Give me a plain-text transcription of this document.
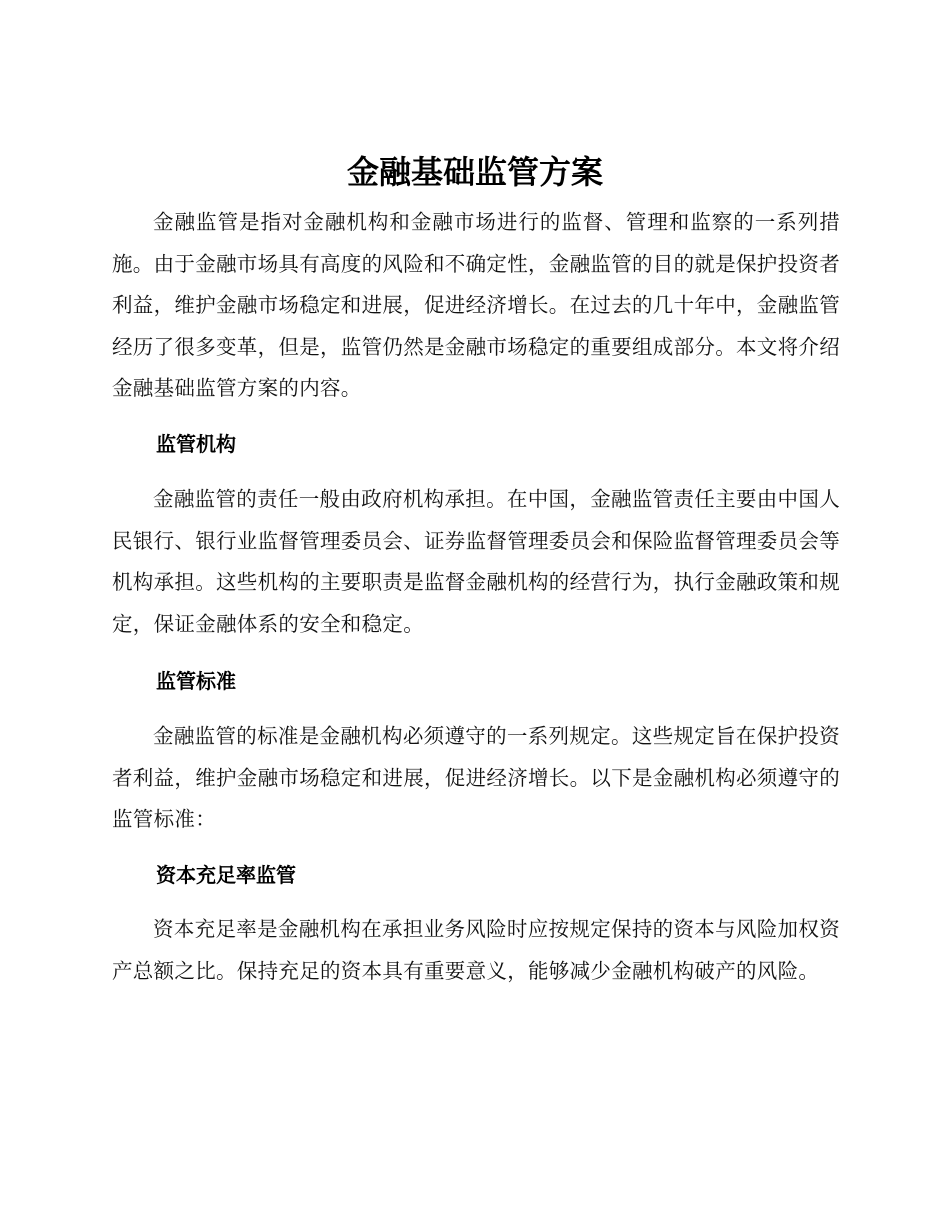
金融基础监管方案

金融监管是指对金融机构和金融市场进行的监督、管理和监察的一系列措施。由于金融市场具有高度的风险和不确定性，金融监管的目的就是保护投资者利益，维护金融市场稳定和进展，促进经济增长。在过去的几十年中，金融监管经历了很多变革，但是，监管仍然是金融市场稳定的重要组成部分。本文将介绍金融基础监管方案的内容。

监管机构

金融监管的责任一般由政府机构承担。在中国，金融监管责任主要由中国人民银行、银行业监督管理委员会、证券监督管理委员会和保险监督管理委员会等机构承担。这些机构的主要职责是监督金融机构的经营行为，执行金融政策和规定，保证金融体系的安全和稳定。

监管标准

金融监管的标准是金融机构必须遵守的一系列规定。这些规定旨在保护投资者利益，维护金融市场稳定和进展，促进经济增长。以下是金融机构必须遵守的监管标准：

资本充足率监管

资本充足率是金融机构在承担业务风险时应按规定保持的资本与风险加权资产总额之比。保持充足的资本具有重要意义，能够减少金融机构破产的风险。
